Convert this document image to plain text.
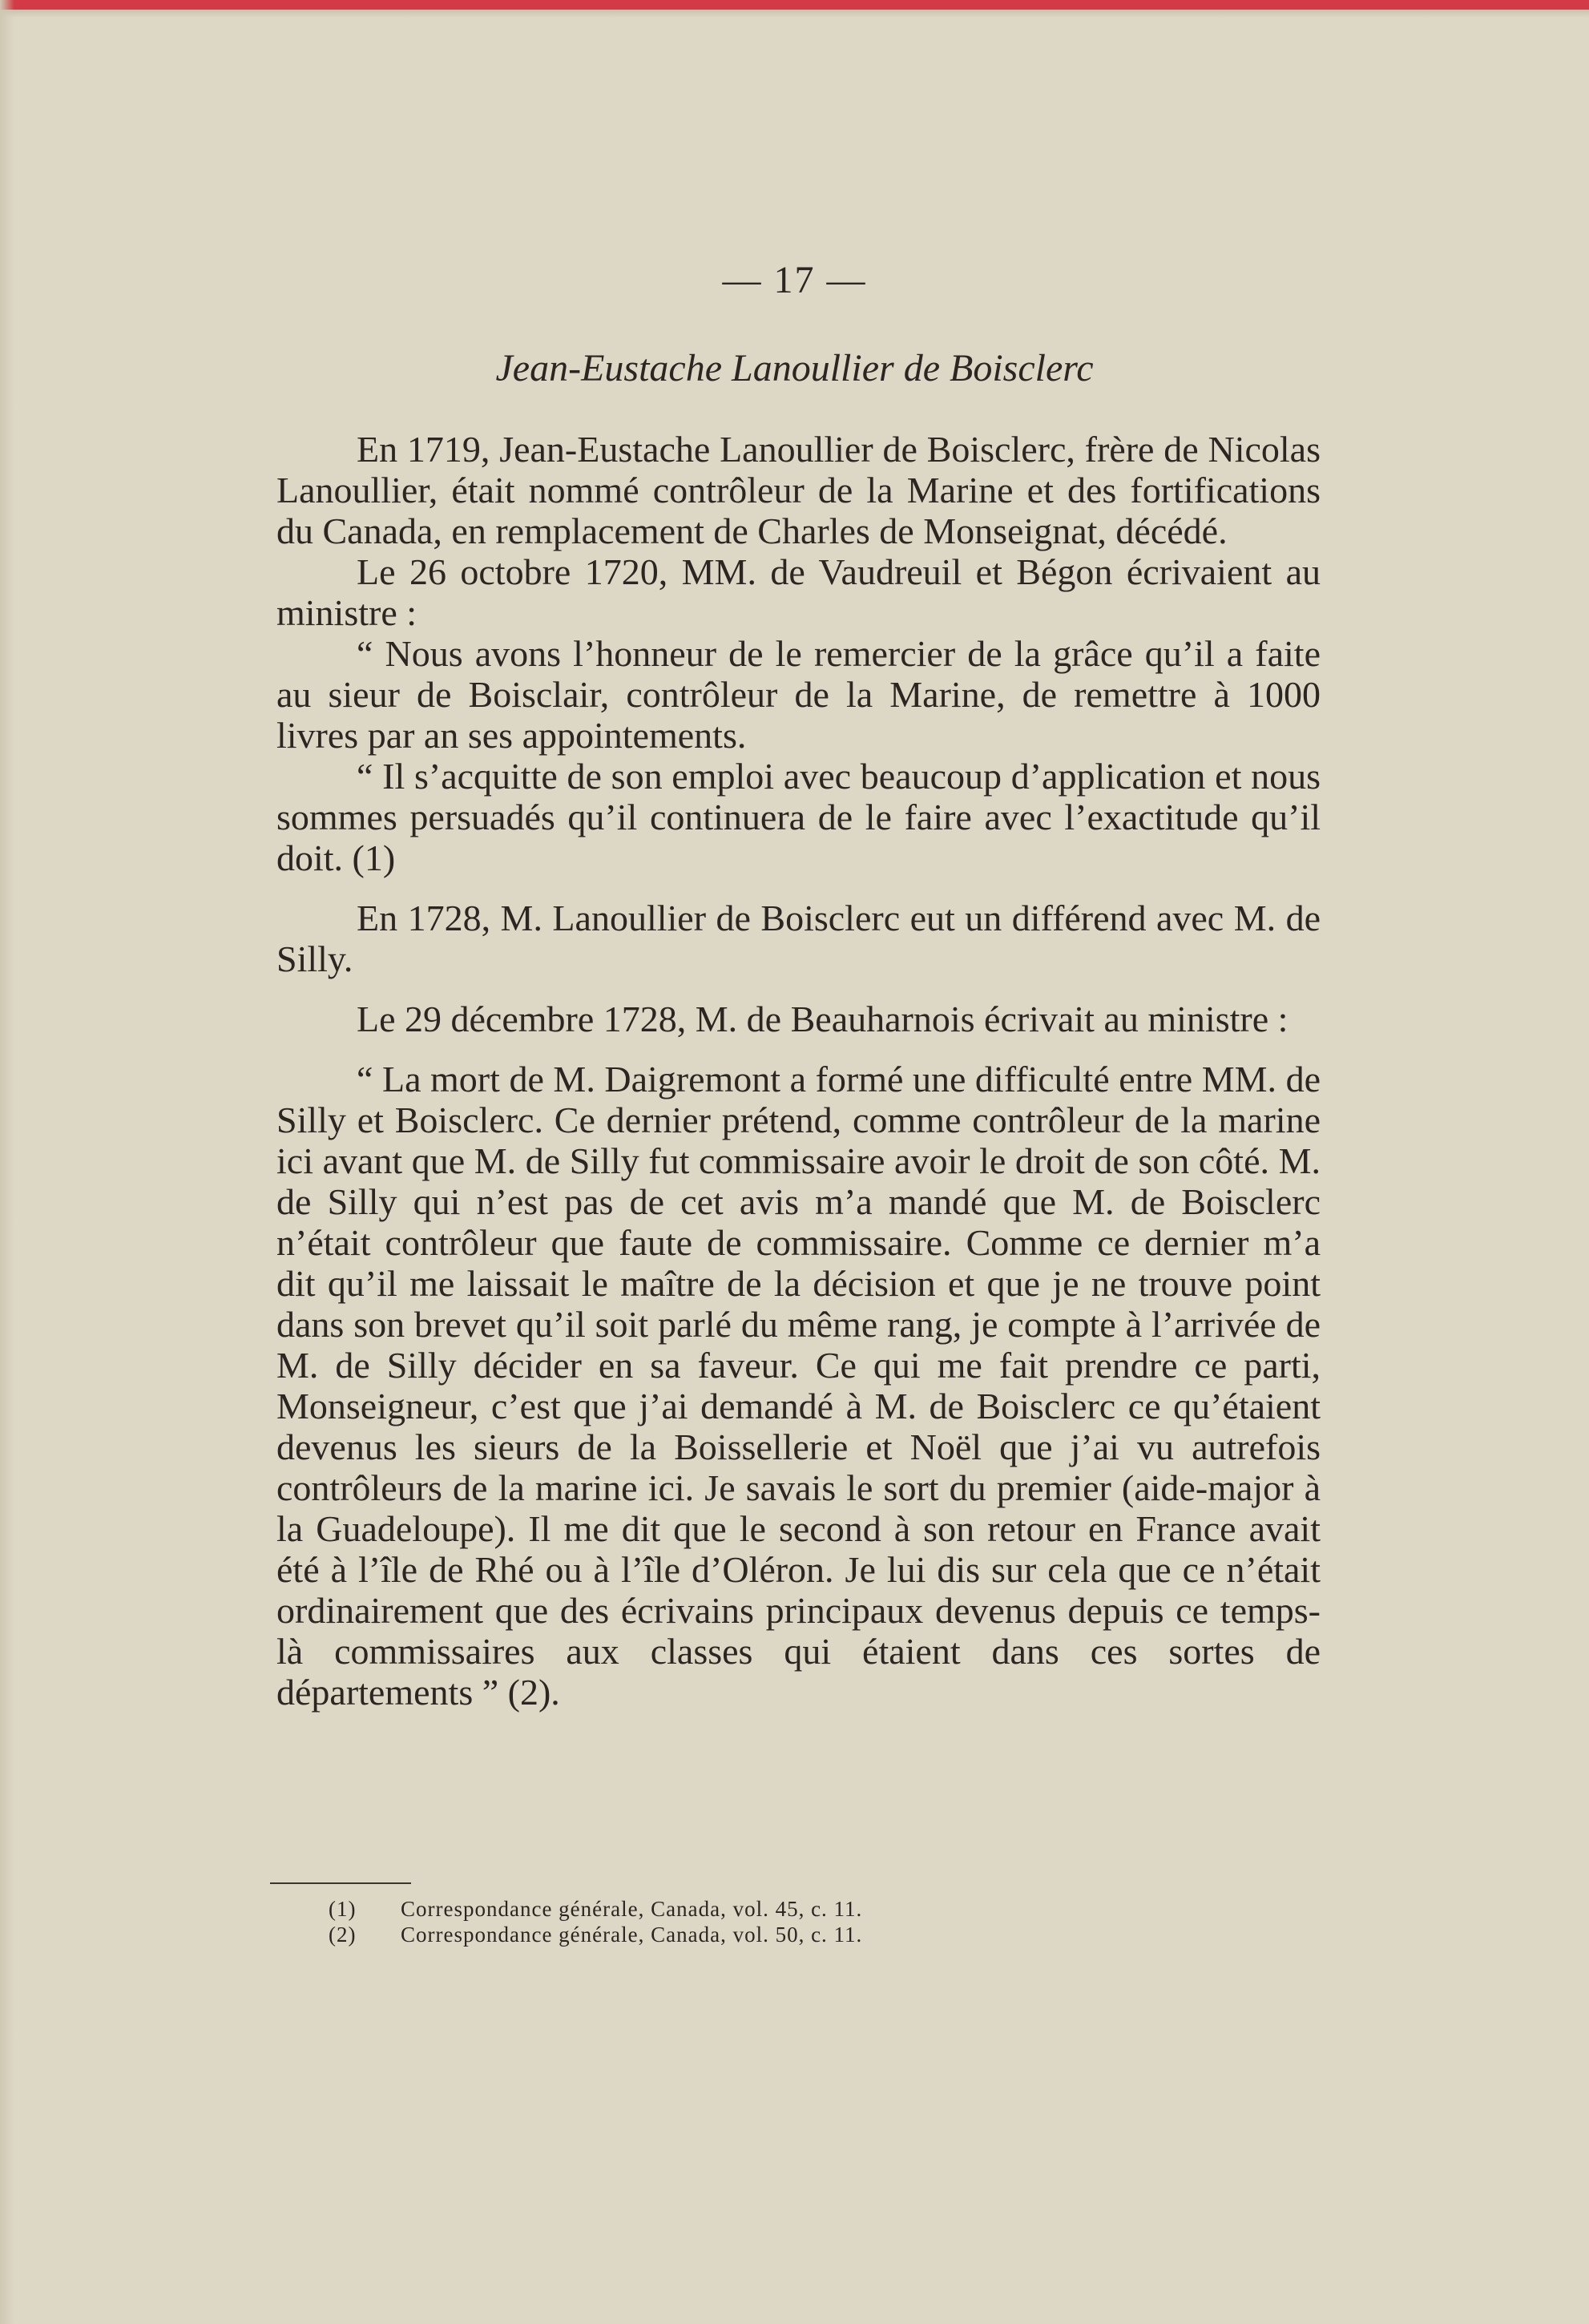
— 17 —
Jean-Eustache Lanoullier de Boisclerc

En 1719, Jean-Eustache Lanoullier de Boisclerc, frère de Nicolas Lanoullier, était nommé contrôleur de la Marine et des fortifications du Canada, en remplacement de Charles de Monseignat, décédé.

Le 26 octobre 1720, MM. de Vaudreuil et Bégon écrivaient au ministre :

“ Nous avons l’honneur de le remercier de la grâce qu’il a faite au sieur de Boisclair, contrôleur de la Marine, de remettre à 1000 livres par an ses appointements.

“ Il s’acquitte de son emploi avec beaucoup d’application et nous sommes persuadés qu’il continuera de le faire avec l’exactitude qu’il doit. (1)

En 1728, M. Lanoullier de Boisclerc eut un différend avec M. de Silly.

Le 29 décembre 1728, M. de Beauharnois écrivait au ministre :

“ La mort de M. Daigremont a formé une difficulté entre MM. de Silly et Boisclerc. Ce dernier prétend, comme contrôleur de la marine ici avant que M. de Silly fut commissaire avoir le droit de son côté. M. de Silly qui n’est pas de cet avis m’a mandé que M. de Boisclerc n’était contrôleur que faute de commissaire. Comme ce dernier m’a dit qu’il me laissait le maître de la décision et que je ne trouve point dans son brevet qu’il soit parlé du même rang, je compte à l’arrivée de M. de Silly décider en sa faveur. Ce qui me fait prendre ce parti, Monseigneur, c’est que j’ai demandé à M. de Boisclerc ce qu’étaient devenus les sieurs de la Boissellerie et Noël que j’ai vu autrefois contrôleurs de la marine ici. Je savais le sort du premier (aide-major à la Guadeloupe). Il me dit que le second à son retour en France avait été à l’île de Rhé ou à l’île d’Oléron. Je lui dis sur cela que ce n’était ordinairement que des écrivains principaux devenus depuis ce temps-là commissaires aux classes qui étaient dans ces sortes de départements ” (2).

(1) Correspondance générale, Canada, vol. 45, c. 11.
(2) Correspondance générale, Canada, vol. 50, c. 11.
